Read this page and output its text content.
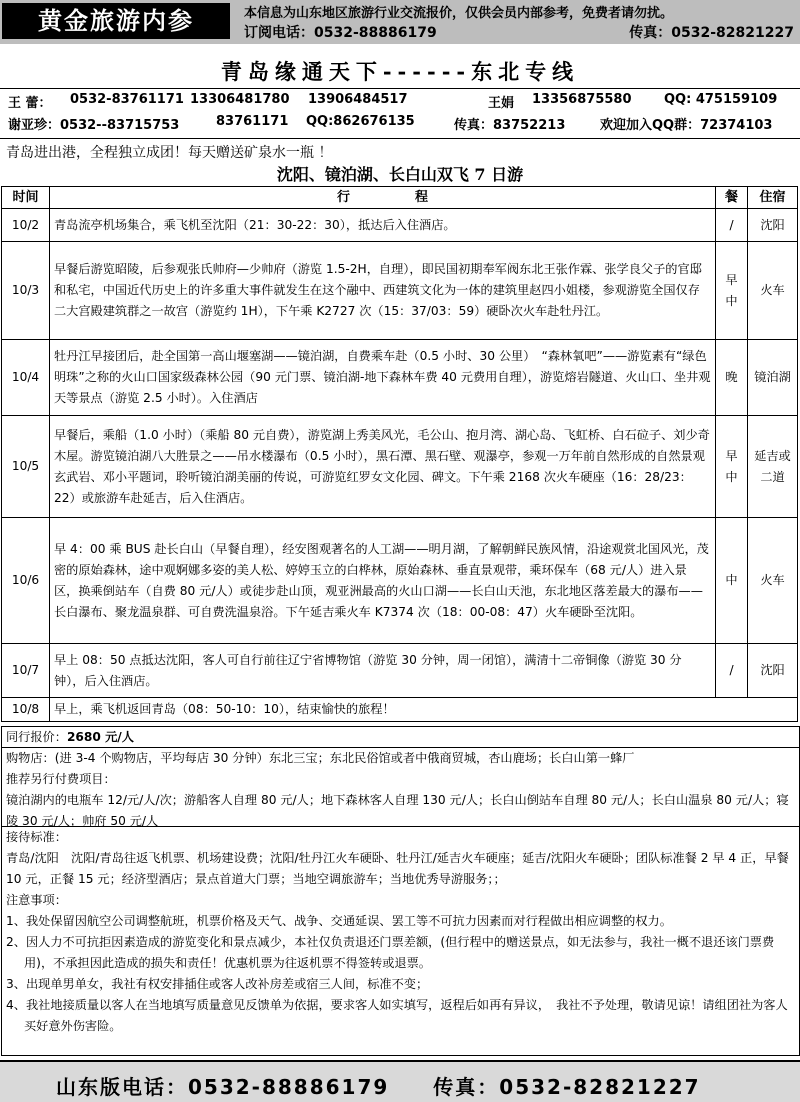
黄金旅游内参	本信息为山东地区旅游行业交流报价，仅供会员内部参考，免费者请勿扰。
订阅电话：0532-88886179	传真：0532-82821227
青岛缘通天下------东北专线
王 蕾： 0532-83761171 13306481780 13906484517	王娟 13356875580	QQ: 475159109
谢亚珍：0532--83715753	83761171 QQ:862676135	传真：83752213	欢迎加入QQ群：72374103
青岛进出港，全程独立成团！每天赠送矿泉水一瓶 ！
沈阳、镜泊湖、长白山双飞 7 日游
时间	行　　　　　程	餐	住宿
10/2	青岛流亭机场集合，乘飞机至沈阳（21：30-22：30），抵达后入住酒店。	/	沈阳
10/3	早餐后游览昭陵，后参观张氏帅府—少帅府（游览 1.5-2H，自理），即民国初期奉军阀东北王张作霖、张学良父子的官邸和私宅，中国近代历史上的许多重大事件就发生在这个融中、西建筑文化为一体的建筑里赵四小姐楼，参观游览全国仅存二大宫殿建筑群之一故宫（游览约 1H），下午乘 K2727 次（15：37/03：59）硬卧次火车赴牡丹江。	早中	火车
10/4	牡丹江早接团后，赴全国第一高山堰塞湖——镜泊湖，自费乘车赴（0.5 小时、30 公里）　“森林氧吧”——游览素有“绿色明珠”之称的火山口国家级森林公园（90 元门票、镜泊湖-地下森林车费 40 元费用自理），游览熔岩隧道、火山口、坐井观天等景点（游览 2.5 小时）。入住酒店	晚	镜泊湖
10/5	早餐后，乘船（1.0 小时）（乘船 80 元自费），游览湖上秀美风光，毛公山、抱月湾、湖心岛、飞虹桥、白石砬子、刘少奇木屋。游览镜泊湖八大胜景之——吊水楼瀑布（0.5 小时），黑石潭、黑石壁、观瀑亭，参观一万年前自然形成的自然景观玄武岩、邓小平题词，聆听镜泊湖美丽的传说，可游览红罗女文化园、碑文。下午乘 2168 次火车硬座（16：28/23：22）或旅游车赴延吉，后入住酒店。	早中	延吉或二道
10/6	早 4：00 乘 BUS 赴长白山（早餐自理），经安图观著名的人工湖——明月湖，了解朝鲜民族风情，沿途观赏北国风光，茂密的原始森林，途中观婀娜多姿的美人松、婷婷玉立的白桦林，原始森林、垂直景观带，乘环保车（68 元/人）进入景区，换乘倒站车（自费 80 元/人）或徒步赴山顶，观亚洲最高的火山口湖——长白山天池，东北地区落差最大的瀑布——长白瀑布、聚龙温泉群、可自费洗温泉浴。下午延吉乘火车 K7374 次（18：00-08：47）火车硬卧至沈阳。	中	火车
10/7	早上 08：50 点抵达沈阳，客人可自行前往辽宁省博物馆（游览 30 分钟，周一闭馆），满清十二帝铜像（游览 30 分钟），后入住酒店。	/	沈阳
10/8	早上，乘飞机返回青岛（08：50-10：10），结束愉快的旅程！		

同行报价：2680 元/人

购物店：(进 3-4 个购物店，平均每店 30 分钟）东北三宝；东北民俗馆或者中俄商贸城，杏山鹿场；长白山第一蜂厂

推荐另行付费项目：

镜泊湖内的电瓶车 12/元/人/次；游船客人自理 80 元/人；地下森林客人自理 130 元/人；长白山倒站车自理 80 元/人；长白山温泉 80 元/人；寝陵 30 元/人；帅府 50 元/人

接待标准：

青岛/沈阳　沈阳/青岛往返飞机票、机场建设费；沈阳/牡丹江火车硬卧、牡丹江/延吉火车硬座；延吉/沈阳火车硬卧；团队标准餐 2 早 4 正，早餐 10 元，正餐 15 元；经济型酒店；景点首道大门票；当地空调旅游车；当地优秀导游服务；；

注意事项：

1、我处保留因航空公司调整航班，机票价格及天气、战争、交通延误、罢工等不可抗力因素而对行程做出相应调整的权力。

2、因人力不可抗拒因素造成的游览变化和景点减少，本社仅负责退还门票差额，(但行程中的赠送景点，如无法参与，我社一概不退还该门票费用)，不承担因此造成的损失和责任！优惠机票为往返机票不得签转或退票。

3、出现单男单女，我社有权安排插住或客人改补房差或宿三人间，标准不变；

4、我社地接质量以客人在当地填写质量意见反馈单为依据，要求客人如实填写，返程后如再有异议，　我社不予处理，敬请见谅！请组团社为客人买好意外伤害险。

山东版电话：0532-88886179　　传真：0532-82821227
